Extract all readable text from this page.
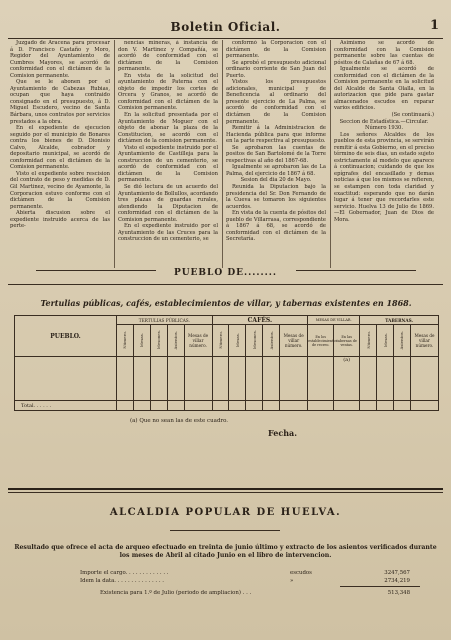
Boletin Oficial.	1

Juzgado de Aracena para procesar á D. Francisco Castaño y Moro, Regidor del Ayuntamiento de Cumbres Mayores, se acordó de conformidad con el dictámen de la Comision permanente.

Que se le abonen por el Ayuntamiento de Cabezas Rubias, ocupan que haya contraido consignado en el presupuesto, á D. Miguel Escudero, vecino de Santa Bárbara, unos contratos por servicios prestados a la obra.

En el expediente de ejecucion seguido por el municipio de Bonares contra los bienes de D. Dionisio Calvo, Alcalde, cobrador y depositario municipal, se acordó de conformidad con el dictámen de la Comision permanente.

Visto el expediente sobre rescision del contrato de peso y medidas de D. Gil Martinez, vecino de Ayamonte, la Corporacion estuvo conforme con el dictámen de la Comision permanente.

Abierta discusion sobre el expediente instruido acerca de las perte-

nencias mineras, á instancia de don V. Martinez y Compañía, se acordó de conformidad con el dictámen de la Comision permanente.

En vista de la solicitud del ayuntamiento de Paterna con el objeto de impedir los cortes de Orcera y Granos, se acordó de conformidad con el dictámen de la Comision permanente.

En la solicitud presentada por el Ayuntamiento de Moguer con el objeto de abonar la plaza de la Constitucion, se acordó con el dictámen de la comision permanente.

Visto el expediente instruido por el Ayuntamiento de Castilleja para la construccion de un cementerio, se acordó de conformidad con el dictámen de la Comision permanente.

Se dió lectura de un acuerdo del Ayuntamiento de Bollullos, acordando tres plazas de guardas rurales, atendiendo la Diputacion de conformidad con el dictámen de la Comision permanente.

En el expediente instruido por el Ayuntamiento de las Cruces para la construccion de un cementerio, se

conformó la Corporacion con el dictámen de la Comision permanente.

Se aprobó el presupuesto adicional ordinario corriente de San Juan del Puerto.

Vistos los presupuestos adicionales, municipal y de Beneficencia al ordinario del presente ejercicio de La Palma, se acordó de conformidad con el dictámen de la Comision permanente.

Remitir á la Administracion de Hacienda pública para que informe en la parte respectiva al presupuesto.

Se aprobaron las cuentas de positos de San Bartolomé de la Torre respectivas al año del 1867-68.

Igualmente se aprobaron las de La Palma, del ejercicio de 1867 á 68.

Sesion del dia 20 de Mayo.

Reunida la Diputacion bajo la presidencia del Sr. Don Fernando de la Cueva se tomaron los siguientes acuerdos.

En vista de la cuenta de pósitos del pueblo de Villarrasa, correspondiente á 1867 á 68, se acordó de conformidad con el dictámen de la Secretaría.

Asimismo se acordó de conformidad con la Comision permanente sobre las cuentas de pósitos de Calañas de 67 á 68.

Igualmente se acordó de conformidad con el dictámen de la Comision permanente en la solicitud del Alcalde de Santa Olalla, en la autorizacion que pide para gastar almacenados escudos en reparar varios edificios.

(Se continuará.)

Seccion de Estadística.—Circular. Número 1930.

Los señores Alcaldes de los pueblos de esta provincia, se servirán remitir á esta Gobierno, en el preciso término de seis dias, un estado sujeto estrictamente al modelo que aparece á continuacion; cuidando de que los epígrafes del encasillado y demas noticias á que los mismos se refieren, se estampen con toda claridad y exactitud: esperando que no darán lugar á tener que recordarles este servicio. Huelva 13 de Julio de 1869.—El Gobernador, Juan de Dios de Mora.

PUEBLO DE........
Tertulias públicas, cafés, establecimientos de villar, y tabernas existentes en 1868.
PUEBLO.	TERTULIAS PÚBLICAS.					CAFÉS.					MESAS DE VILLAR.		TABERNAS.			
	Número.	Mesas.	Mesones.	Asientos.	Mesas de villar número.	Número.	Mesas.	Mesones.	Asientos.	Mesas de villar número.	En los establecimientos de recreo.	En las tabernas de ventas.	Número.	Mesas.	Asientos.	Mesas de villar número.
												(a)				
Total. . . . . .																
(a) Que no sean las de este cuadro.
Fecha.
ALCALDIA POPULAR DE HUELVA.
Resultado que ofrece el acta de arqueo efectuado en treinta de junio último y extracto de los asientos verificados durante los meses de Abril al citado Junio en el libro de intervencion.
Importe el cargo. . . . . . . . . . . . .	escudos	3247,567
Idem la data. . . . . . . . . . . . . . .	»	2734,219
Existencia para 1.º de Julio (periodo de ampliacion) . . .	513,348
